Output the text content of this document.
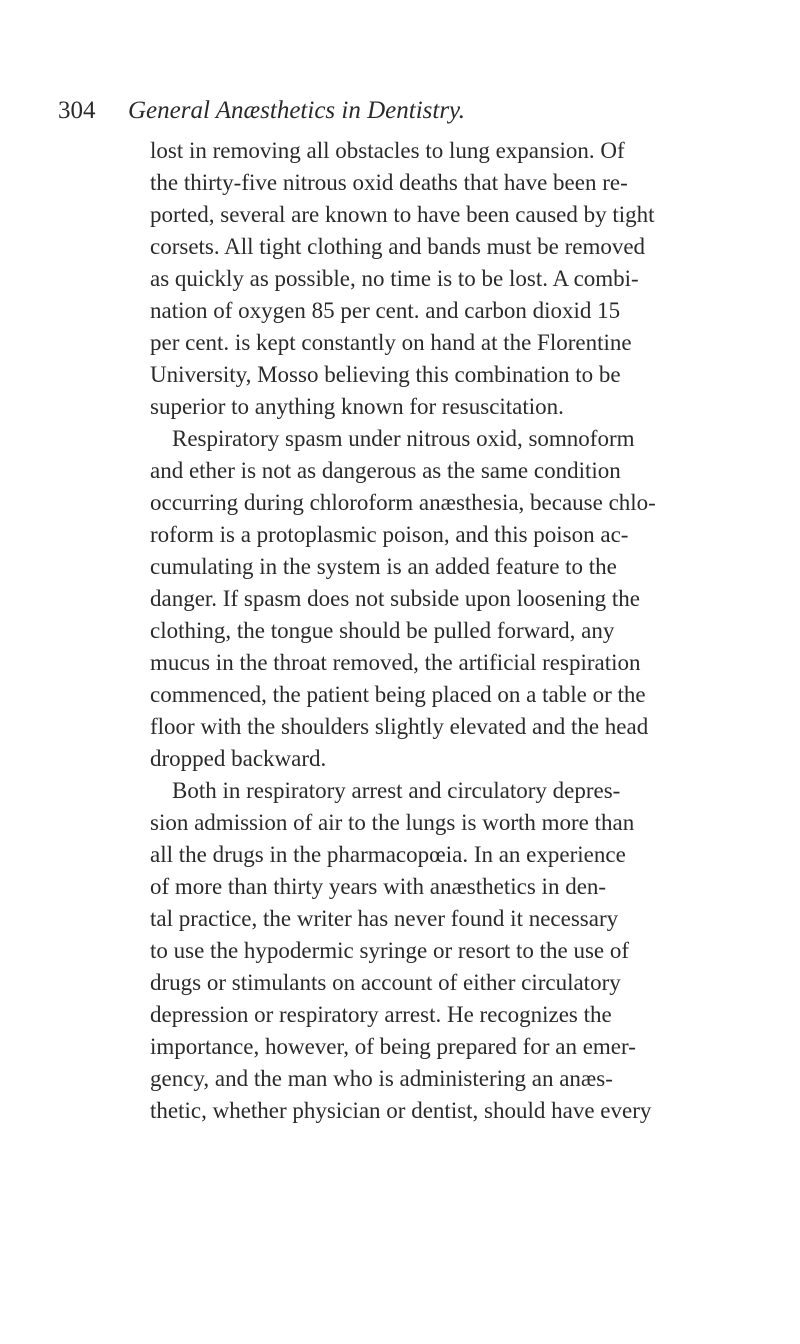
304 General Anæsthetics in Dentistry.
lost in removing all obstacles to lung expansion. Of
the thirty-five nitrous oxid deaths that have been re-
ported, several are known to have been caused by tight
corsets. All tight clothing and bands must be removed
as quickly as possible, no time is to be lost. A combi-
nation of oxygen 85 per cent. and carbon dioxid 15
per cent. is kept constantly on hand at the Florentine
University, Mosso believing this combination to be
superior to anything known for resuscitation.
Respiratory spasm under nitrous oxid, somnoform
and ether is not as dangerous as the same condition
occurring during chloroform anæsthesia, because chlo-
roform is a protoplasmic poison, and this poison ac-
cumulating in the system is an added feature to the
danger. If spasm does not subside upon loosening the
clothing, the tongue should be pulled forward, any
mucus in the throat removed, the artificial respiration
commenced, the patient being placed on a table or the
floor with the shoulders slightly elevated and the head
dropped backward.
Both in respiratory arrest and circulatory depres-
sion admission of air to the lungs is worth more than
all the drugs in the pharmacopœia. In an experience
of more than thirty years with anæsthetics in den-
tal practice, the writer has never found it necessary
to use the hypodermic syringe or resort to the use of
drugs or stimulants on account of either circulatory
depression or respiratory arrest. He recognizes the
importance, however, of being prepared for an emer-
gency, and the man who is administering an anæs-
thetic, whether physician or dentist, should have every
